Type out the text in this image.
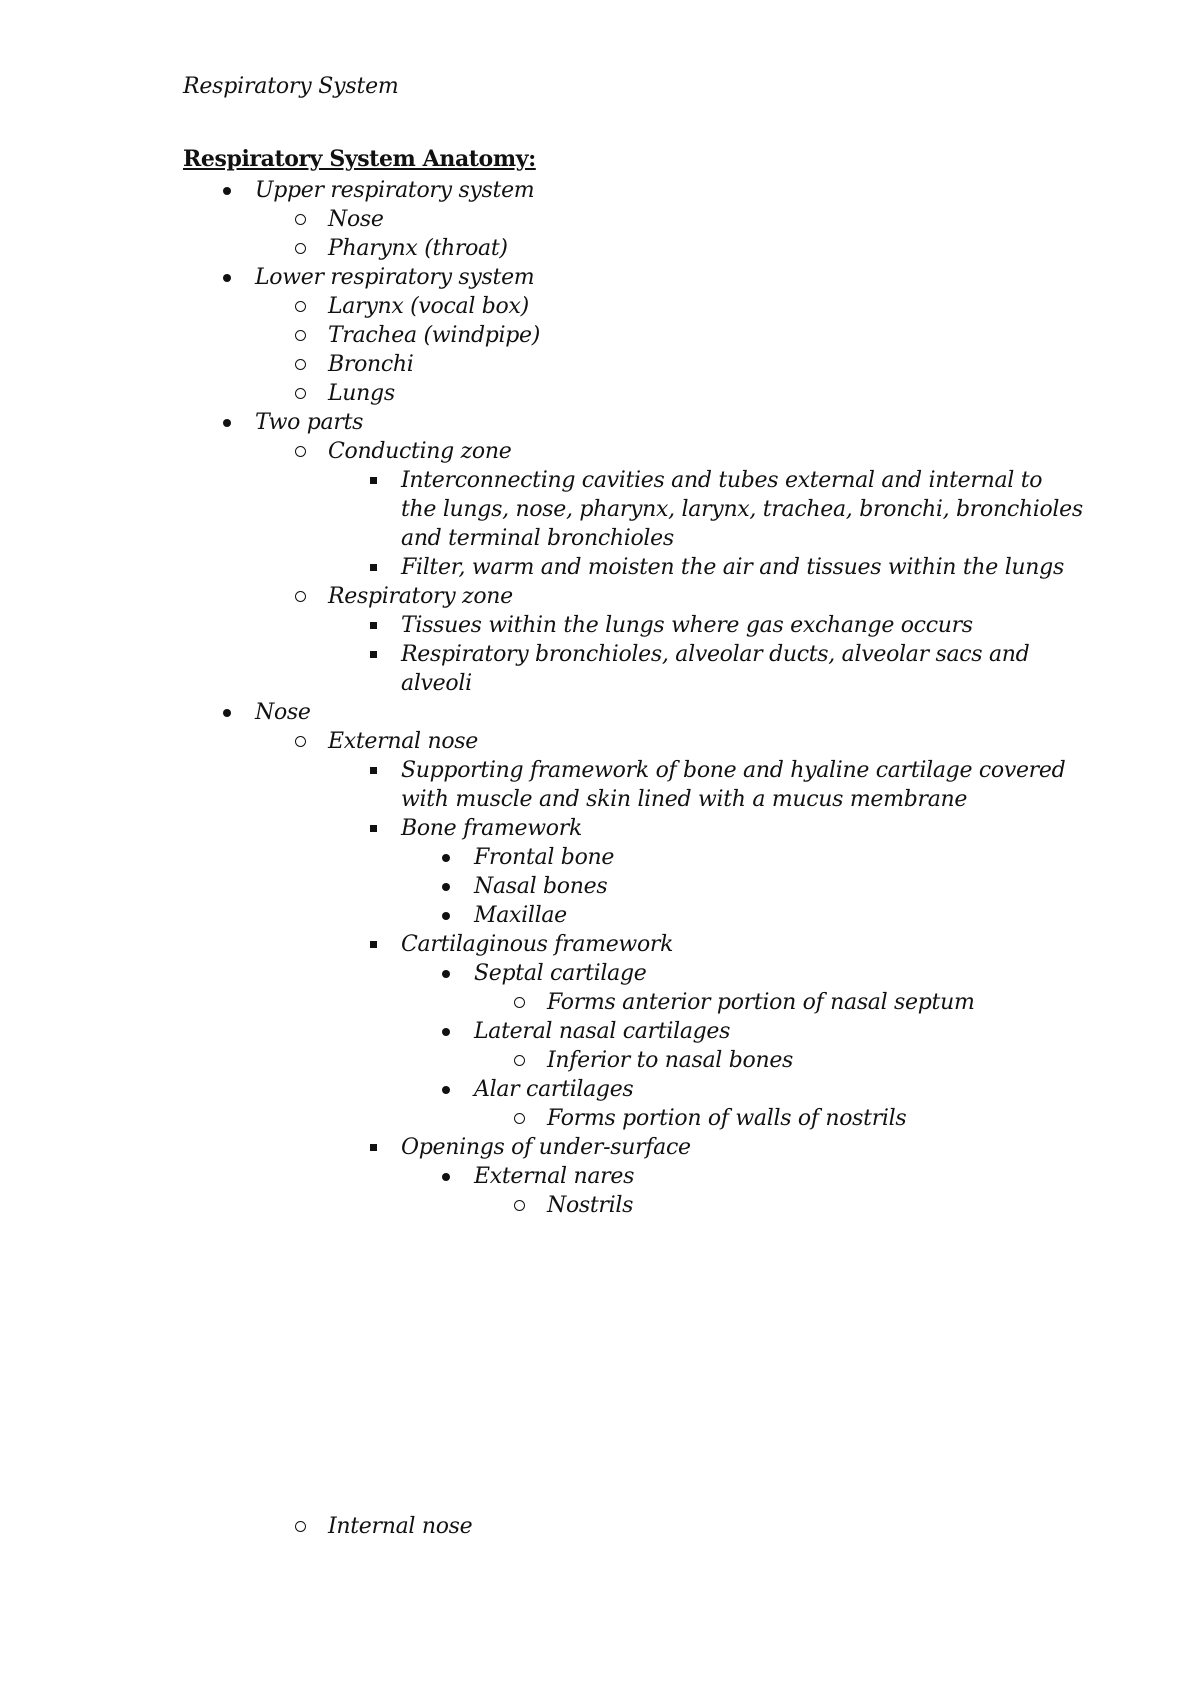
Respiratory System
Respiratory System Anatomy:
Upper respiratory system
Nose
Pharynx (throat)
Lower respiratory system
Larynx (vocal box)
Trachea (windpipe)
Bronchi
Lungs
Two parts
Conducting zone
Interconnecting cavities and tubes external and internal to
the lungs, nose, pharynx, larynx, trachea, bronchi, bronchioles
and terminal bronchioles
Filter, warm and moisten the air and tissues within the lungs
Respiratory zone
Tissues within the lungs where gas exchange occurs
Respiratory bronchioles, alveolar ducts, alveolar sacs and
alveoli
Nose
External nose
Supporting framework of bone and hyaline cartilage covered
with muscle and skin lined with a mucus membrane
Bone framework
Frontal bone
Nasal bones
Maxillae
Cartilaginous framework
Septal cartilage
Forms anterior portion of nasal septum
Lateral nasal cartilages
Inferior to nasal bones
Alar cartilages
Forms portion of walls of nostrils
Openings of under-surface
External nares
Nostrils
Internal nose
